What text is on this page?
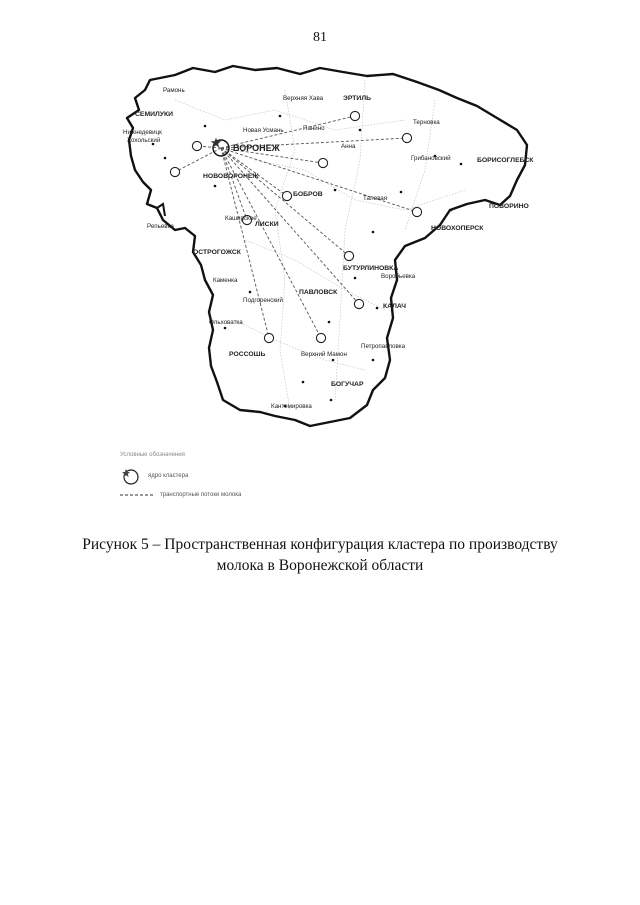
81
ВОРОНЕЖ
Рамонь
СЕМИЛУКИ
Нижнедевицк
Хохольский
НОВОВОРОНЕЖ
ЭРТИЛЬ
Верхняя Хава
Новая Усмань	Панино
Терновка
Анна
Грибановский	БОРИСОГЛЕБСК
ПОВОРИНО
БОБРОВ
Таловая
НОВОХОПЕРСК
Каширское
Репьевка	ЛИСКИ
ОСТРОГОЖСК
БУТУРЛИНОВКА
Воробьевка
Каменка
Подгоренский
ПАВЛОВСК
КАЛАЧ
Ольховатка
РОССОШЬ	Верхний Мамон
Петропавловка
БОГУЧАР
Кантемировка
Условные обозначения
ядро кластера
транспортные потоки молока
Рисунок 5 – Пространственная конфигурация кластера по производству
молока в Воронежской области
